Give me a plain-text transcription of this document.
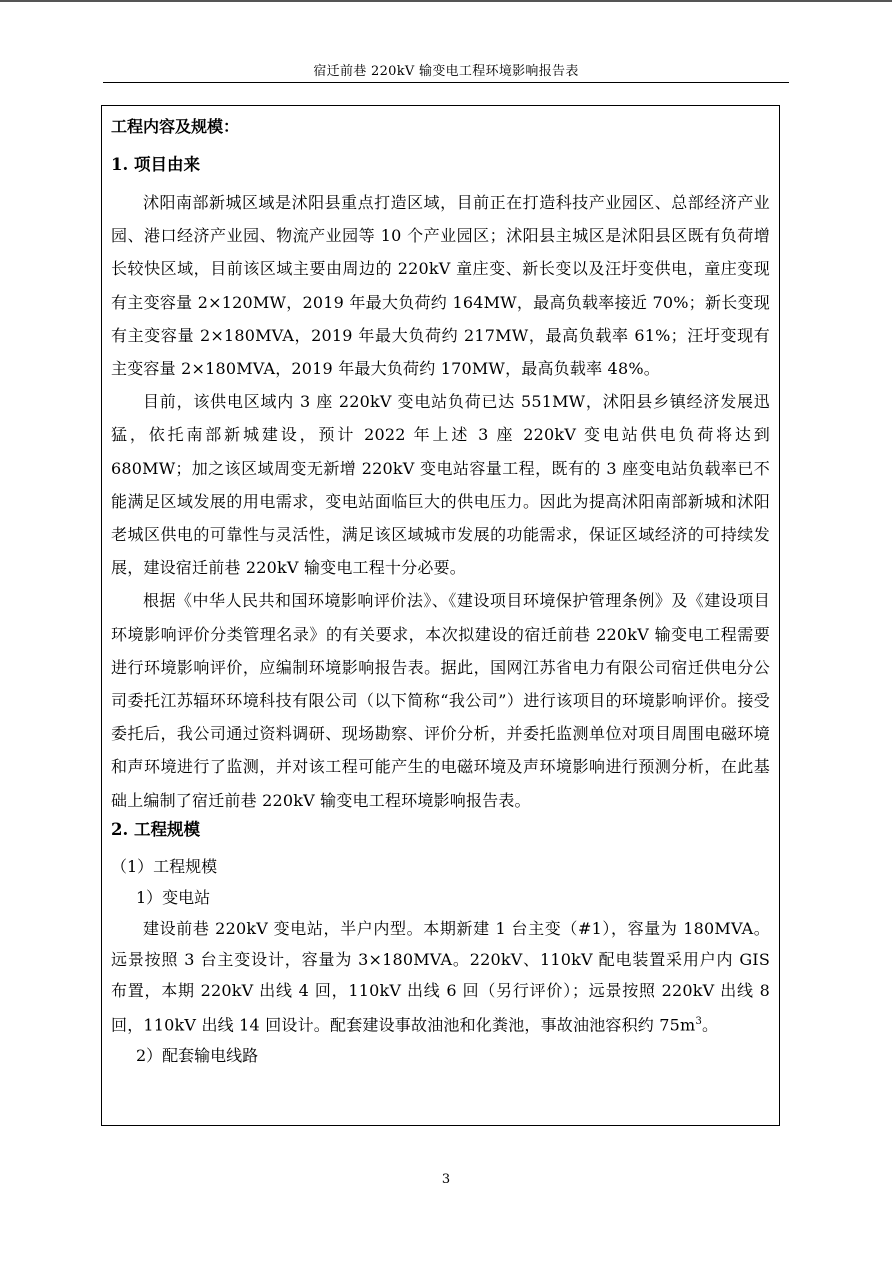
宿迁前巷 220kV 输变电工程环境影响报告表
工程内容及规模：
1. 项目由来

沭阳南部新城区域是沭阳县重点打造区域，目前正在打造科技产业园区、总部经济产业园、港口经济产业园、物流产业园等 10 个产业园区；沭阳县主城区是沭阳县区既有负荷增长较快区域，目前该区域主要由周边的 220kV 童庄变、新长变以及汪圩变供电，童庄变现有主变容量 2×120MW，2019 年最大负荷约 164MW，最高负载率接近 70%；新长变现有主变容量 2×180MVA，2019 年最大负荷约 217MW，最高负载率 61%；汪圩变现有主变容量 2×180MVA，2019 年最大负荷约 170MW，最高负载率 48%。

目前，该供电区域内 3 座 220kV 变电站负荷已达 551MW，沭阳县乡镇经济发展迅猛，依托南部新城建设，预计 2022 年上述 3 座 220kV 变电站供电负荷将达到 680MW；加之该区域周变无新增 220kV 变电站容量工程，既有的 3 座变电站负载率已不能满足区域发展的用电需求，变电站面临巨大的供电压力。因此为提高沭阳南部新城和沭阳老城区供电的可靠性与灵活性，满足该区域城市发展的功能需求，保证区域经济的可持续发展，建设宿迁前巷 220kV 输变电工程十分必要。

根据《中华人民共和国环境影响评价法》、《建设项目环境保护管理条例》及《建设项目环境影响评价分类管理名录》的有关要求，本次拟建设的宿迁前巷 220kV 输变电工程需要进行环境影响评价，应编制环境影响报告表。据此，国网江苏省电力有限公司宿迁供电分公司委托江苏辐环环境科技有限公司（以下简称“我公司”）进行该项目的环境影响评价。接受委托后，我公司通过资料调研、现场勘察、评价分析，并委托监测单位对项目周围电磁环境和声环境进行了监测，并对该工程可能产生的电磁环境及声环境影响进行预测分析，在此基础上编制了宿迁前巷 220kV 输变电工程环境影响报告表。

2. 工程规模
（1）工程规模
1）变电站

建设前巷 220kV 变电站，半户内型。本期新建 1 台主变（#1），容量为 180MVA。远景按照 3 台主变设计，容量为 3×180MVA。220kV、110kV 配电装置采用户内 GIS 布置，本期 220kV 出线 4 回，110kV 出线 6 回（另行评价）；远景按照 220kV 出线 8 回，110kV 出线 14 回设计。配套建设事故油池和化粪池，事故油池容积约 $75m^3$。

2）配套输电线路
3
